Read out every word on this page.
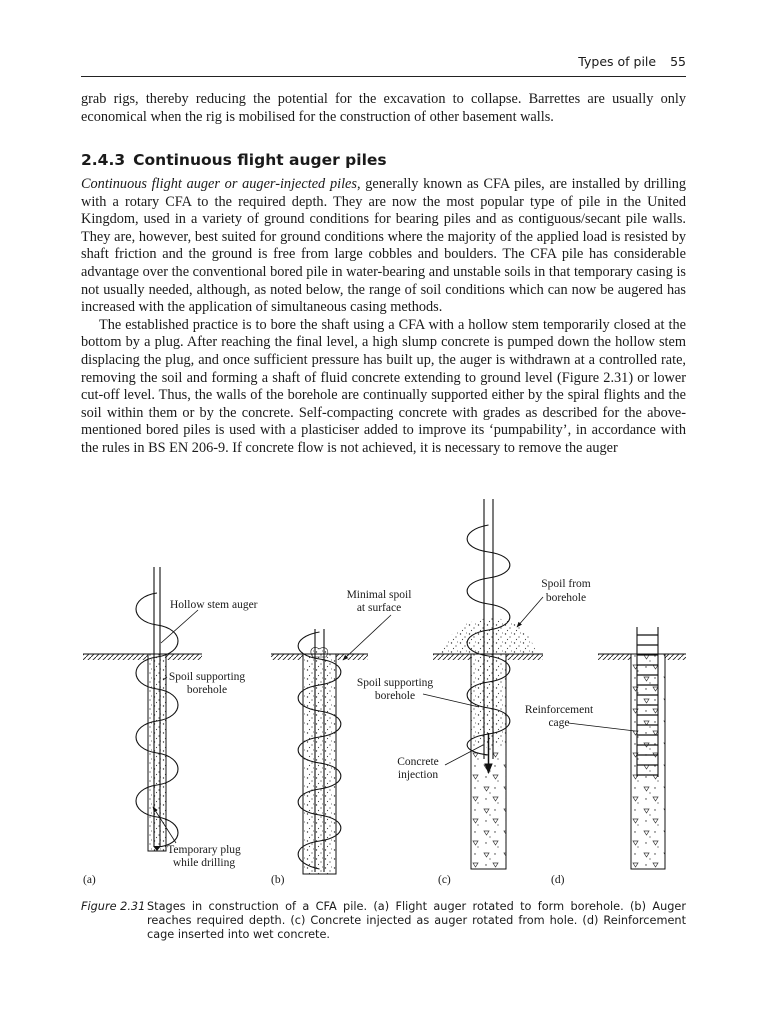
Types of pile 55

grab rigs, thereby reducing the potential for the excavation to collapse. Barrettes are usually only economical when the rig is mobilised for the construction of other basement walls.

2.4.3 Continuous flight auger piles

Continuous flight auger or auger-injected piles, generally known as CFA piles, are installed by drilling with a rotary CFA to the required depth. They are now the most popular type of pile in the United Kingdom, used in a variety of ground conditions for bearing piles and as contiguous/secant pile walls. They are, however, best suited for ground conditions where the majority of the applied load is resisted by shaft friction and the ground is free from large cobbles and boulders. The CFA pile has considerable advantage over the conventional bored pile in water-bearing and unstable soils in that temporary casing is not usually needed, although, as noted below, the range of soil conditions which can now be augered has increased with the application of simultaneous casing methods.

The established practice is to bore the shaft using a CFA with a hollow stem temporarily closed at the bottom by a plug. After reaching the final level, a high slump concrete is pumped down the hollow stem displacing the plug, and once sufficient pressure has built up, the auger is withdrawn at a controlled rate, removing the soil and forming a shaft of fluid concrete extending to ground level (Figure 2.31) or lower cut-off level. Thus, the walls of the borehole are continually supported either by the spiral flights and the soil within them or by the concrete. Self-compacting concrete with grades as described for the above-mentioned bored piles is used with a plasticiser added to improve its ‘pumpability’, in accordance with the rules in BS EN 206-9. If concrete flow is not achieved, it is necessary to remove the auger

Hollow stem auger
Minimal spoil
at surface
Spoil from
borehole
Spoil supporting
borehole
Spoil supporting
borehole
Reinforcement
cage
Concrete
injection
Temporary plug
while drilling
(a)	(b)	(c)	(d)
Figure 2.31 Stages in construction of a CFA pile. (a) Flight auger rotated to form borehole. (b) Auger reaches required depth. (c) Concrete injected as auger rotated from hole. (d) Reinforcement cage inserted into wet concrete.
